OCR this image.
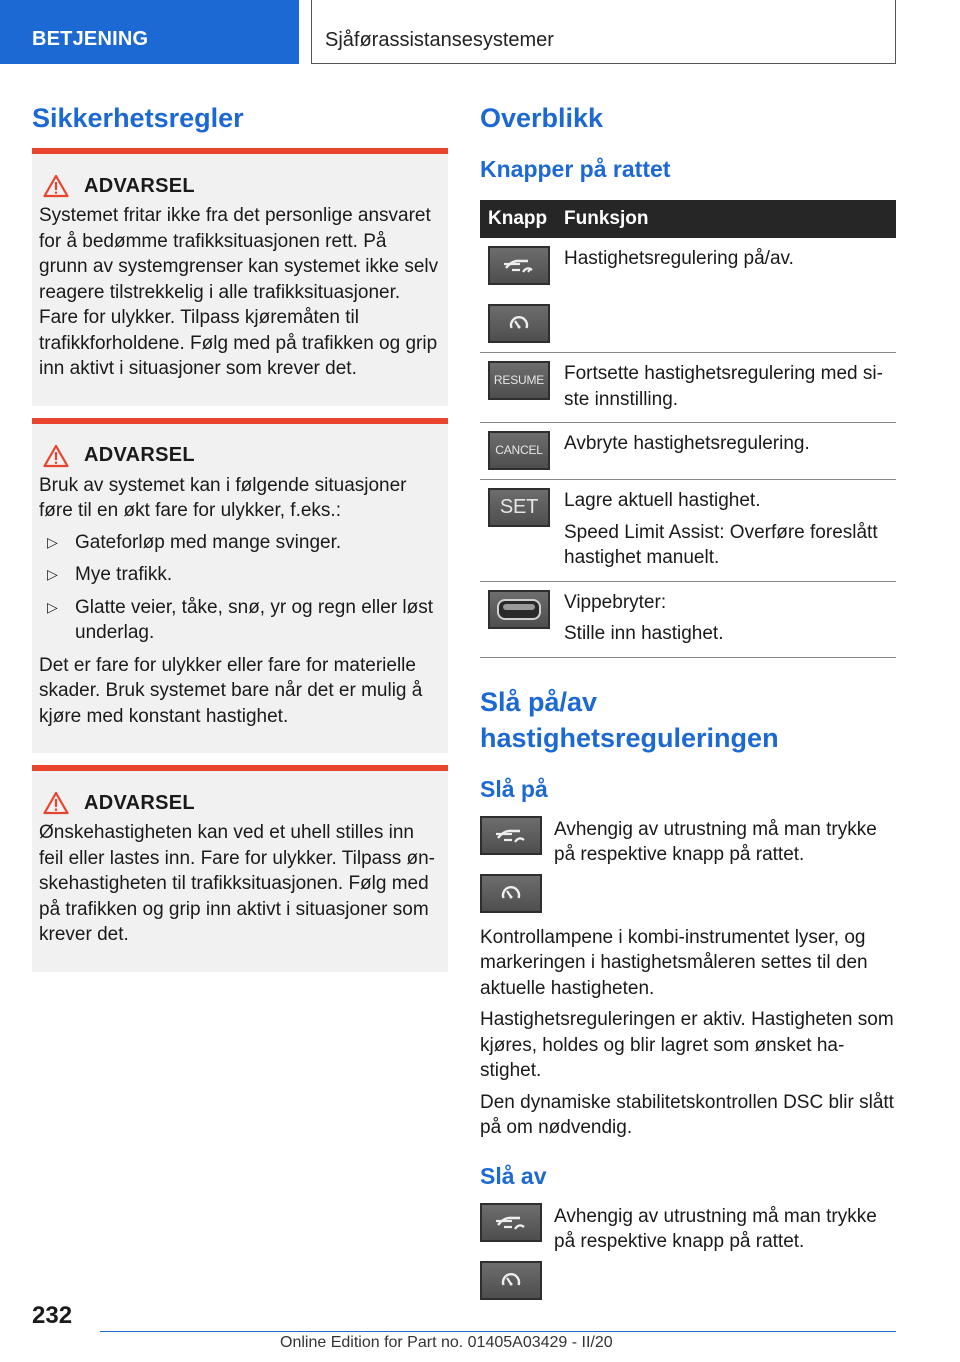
BETJENING	Sjåførassistansesystemer
Sikkerhetsregler
ADVARSEL

Systemet fritar ikke fra det personlige ansvaret for å bedømme trafikksituasjonen rett. På grunn av systemgrenser kan systemet ikke selv reagere tilstrekkelig i alle trafikksituasjoner. Fare for ulykker. Tilpass kjøremåten til trafikkforholdene. Følg med på trafikken og grip inn aktivt i situasjoner som krever det.

ADVARSEL

Bruk av systemet kan i følgende situasjoner føre til en økt fare for ulykker, f.eks.:

▷ Gateforløp med mange svinger.
▷ Mye trafikk.
▷ Glatte veier, tåke, snø, yr og regn eller løst underlag.

Det er fare for ulykker eller fare for materielle skader. Bruk systemet bare når det er mulig å kjøre med konstant hastighet.

ADVARSEL

Ønskehastigheten kan ved et uhell stilles inn feil eller lastes inn. Fare for ulykker. Tilpass ønskehastigheten til trafikksituasjonen. Følg med på trafikken og grip inn aktivt i situasjoner som krever det.

Overblikk
Knapper på rattet
Knapp	Funksjon

Hastighetsregulering på/av.

RESUME	Fortsette hastighetsregulering med siste innstilling.

CANCEL	Avbryte hastighetsregulering.

SET	Lagre aktuell hastighet.

Speed Limit Assist: Overføre foreslått hastighet manuelt.

Vippebryter:

Stille inn hastighet.

Slå på/av hastighetsreguleringen
Slå på

Avhengig av utrustning må man trykke på respektive knapp på rattet.

Kontrollampene i kombi-instrumentet lyser, og markeringen i hastighetsmåleren settes til den aktuelle hastigheten.

Hastighetsreguleringen er aktiv. Hastigheten som kjøres, holdes og blir lagret som ønsket hastighet.

Den dynamiske stabilitetskontrollen DSC blir slått på om nødvendig.

Slå av

Avhengig av utrustning må man trykke på respektive knapp på rattet.

232
Online Edition for Part no. 01405A03429 - II/20
